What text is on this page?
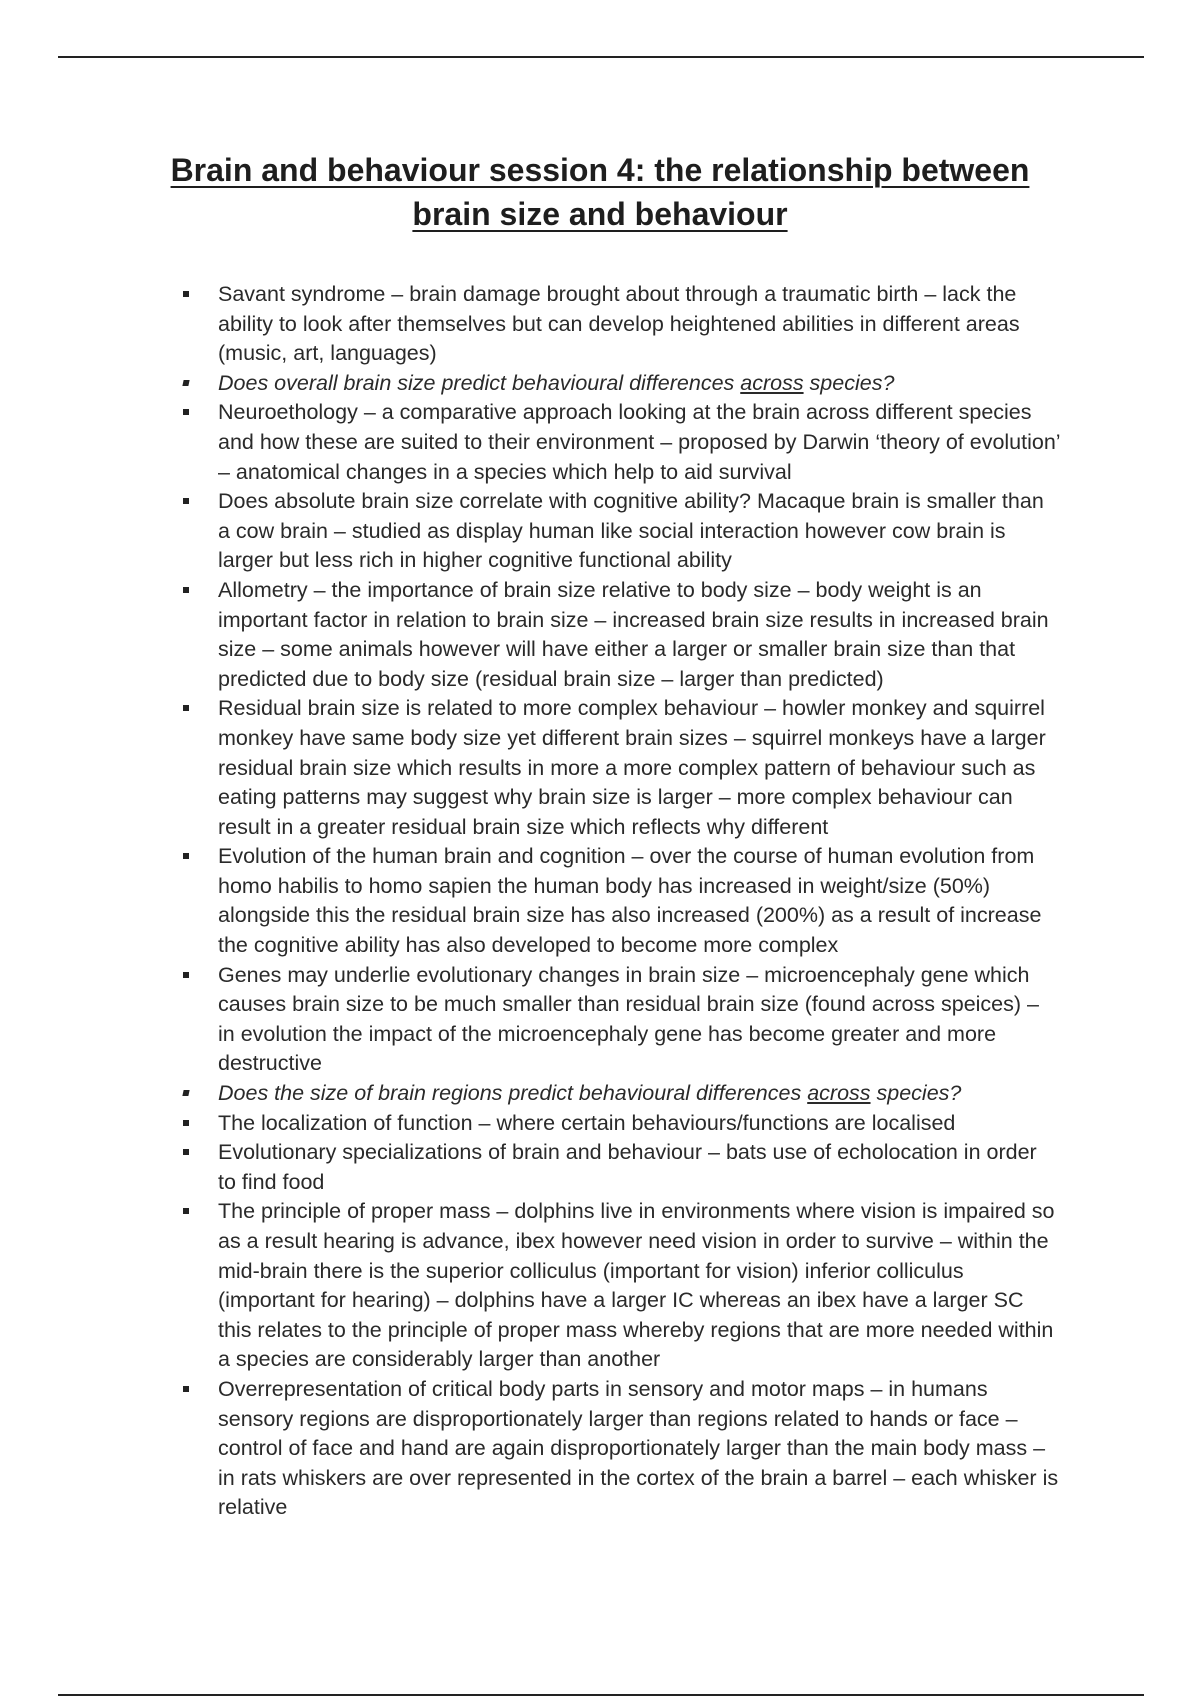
Brain and behaviour session 4: the relationship between
brain size and behaviour
Savant syndrome – brain damage brought about through a traumatic birth – lack the ability to look after themselves but can develop heightened abilities in different areas (music, art, languages)
Does overall brain size predict behavioural differences across species?
Neuroethology – a comparative approach looking at the brain across different species and how these are suited to their environment – proposed by Darwin ‘theory of evolution’ – anatomical changes in a species which help to aid survival
Does absolute brain size correlate with cognitive ability? Macaque brain is smaller than a cow brain – studied as display human like social interaction however cow brain is larger but less rich in higher cognitive functional ability
Allometry – the importance of brain size relative to body size – body weight is an important factor in relation to brain size – increased brain size results in increased brain size – some animals however will have either a larger or smaller brain size than that predicted due to body size (residual brain size – larger than predicted)
Residual brain size is related to more complex behaviour – howler monkey and squirrel monkey have same body size yet different brain sizes – squirrel monkeys have a larger residual brain size which results in more a more complex pattern of behaviour such as eating patterns may suggest why brain size is larger – more complex behaviour can result in a greater residual brain size which reflects why different
Evolution of the human brain and cognition – over the course of human evolution from homo habilis to homo sapien the human body has increased in weight/size (50%) alongside this the residual brain size has also increased (200%) as a result of increase the cognitive ability has also developed to become more complex
Genes may underlie evolutionary changes in brain size – microencephaly gene which causes brain size to be much smaller than residual brain size (found across speices) – in evolution the impact of the microencephaly gene has become greater and more destructive
Does the size of brain regions predict behavioural differences across species?
The localization of function – where certain behaviours/functions are localised
Evolutionary specializations of brain and behaviour – bats use of echolocation in order to find food
The principle of proper mass – dolphins live in environments where vision is impaired so as a result hearing is advance, ibex however need vision in order to survive – within the mid-brain there is the superior colliculus (important for vision) inferior colliculus (important for hearing) – dolphins have a larger IC whereas an ibex have a larger SC this relates to the principle of proper mass whereby regions that are more needed within a species are considerably larger than another
Overrepresentation of critical body parts in sensory and motor maps – in humans sensory regions are disproportionately larger than regions related to hands or face – control of face and hand are again disproportionately larger than the main body mass – in rats whiskers are over represented in the cortex of the brain a barrel – each whisker is relative
